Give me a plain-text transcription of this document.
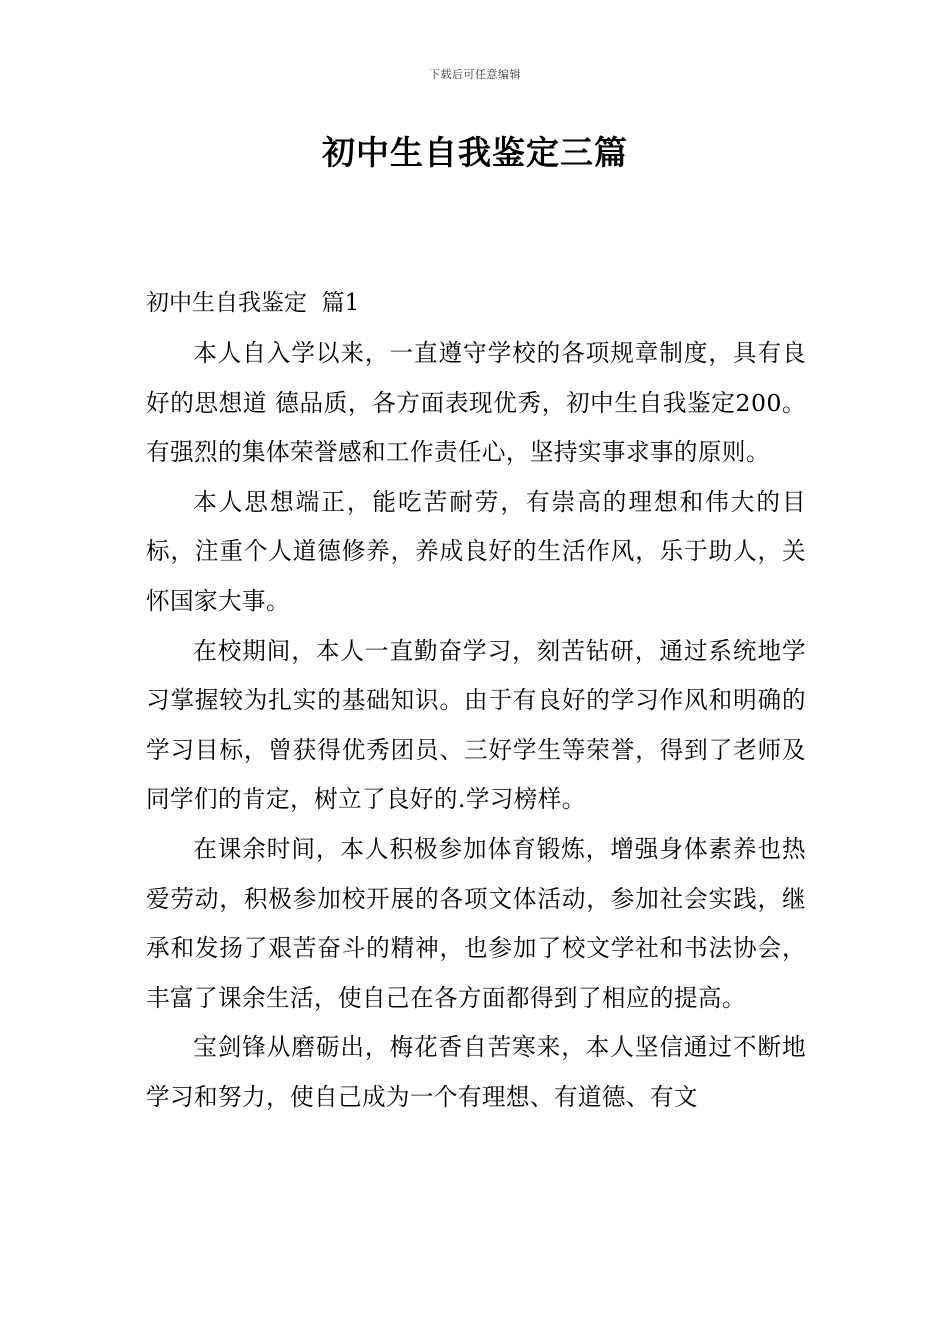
下载后可任意编辑
初中生自我鉴定三篇
初中生自我鉴定  篇1

本人自入学以来，一直遵守学校的各项规章制度，具有良好的思想道 德品质，各方面表现优秀，初中生自我鉴定200。有强烈的集体荣誉感和工作责任心，坚持实事求事的原则。

本人思想端正，能吃苦耐劳，有崇高的理想和伟大的目标，注重个人道德修养，养成良好的生活作风，乐于助人，关怀国家大事。

在校期间，本人一直勤奋学习，刻苦钻研，通过系统地学习掌握较为扎实的基础知识。由于有良好的学习作风和明确的学习目标，曾获得优秀团员、三好学生等荣誉，得到了老师及同学们的肯定，树立了良好的.学习榜样。

在课余时间，本人积极参加体育锻炼，增强身体素养也热爱劳动，积极参加校开展的各项文体活动，参加社会实践，继承和发扬了艰苦奋斗的精神，也参加了校文学社和书法协会，丰富了课余生活，使自己在各方面都得到了相应的提高。

宝剑锋从磨砺出，梅花香自苦寒来，本人坚信通过不断地学习和努力，使自己成为一个有理想、有道德、有文
